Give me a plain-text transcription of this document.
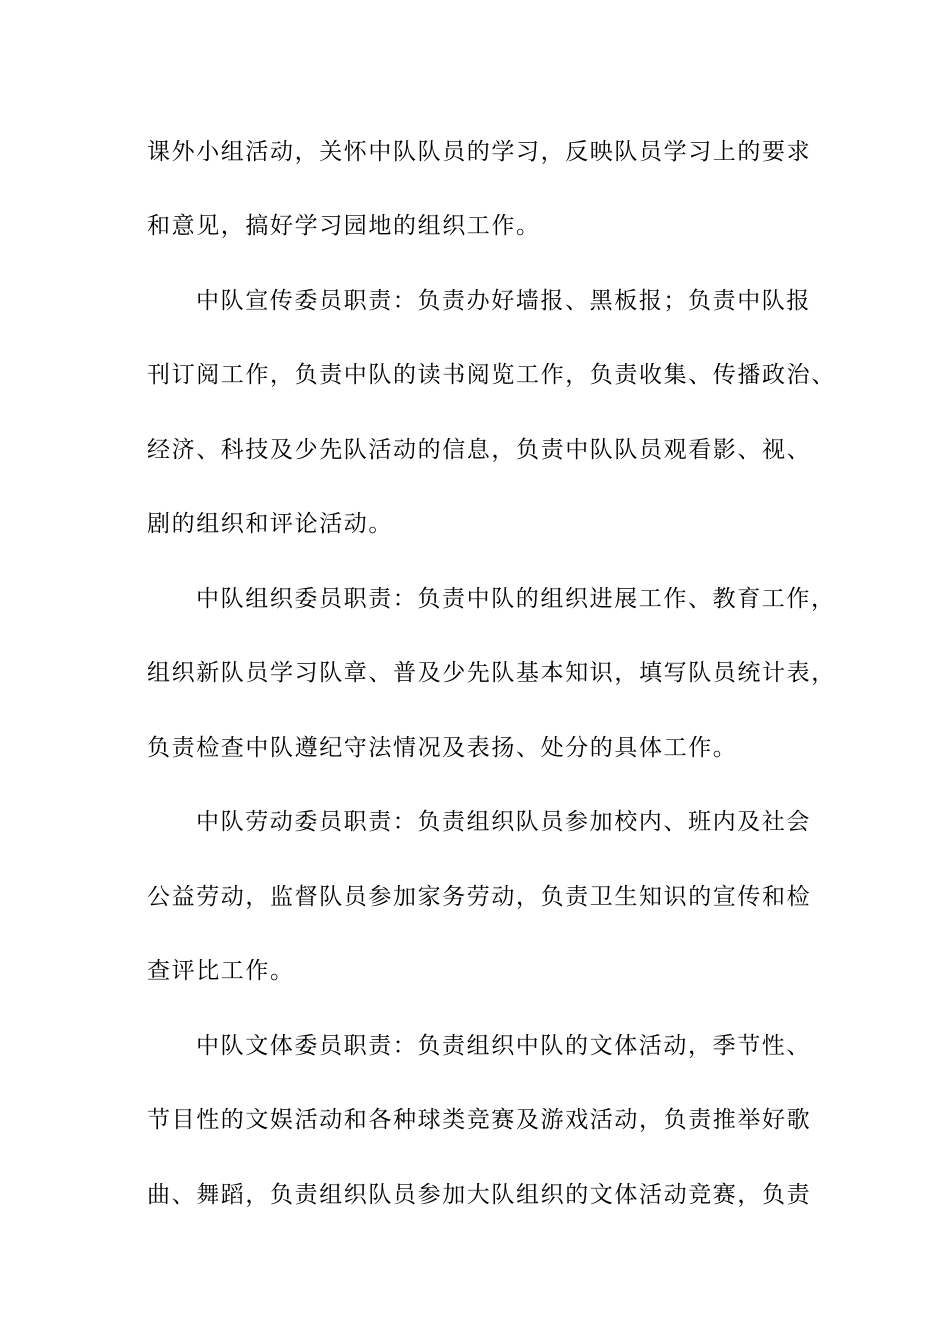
课外小组活动，关怀中队队员的学习，反映队员学习上的要求
和意见，搞好学习园地的组织工作。
中队宣传委员职责：负责办好墙报、黑板报；负责中队报
刊订阅工作，负责中队的读书阅览工作，负责收集、传播政治、
经济、科技及少先队活动的信息，负责中队队员观看影、视、
剧的组织和评论活动。
中队组织委员职责：负责中队的组织进展工作、教育工作，
组织新队员学习队章、普及少先队基本知识，填写队员统计表，
负责检查中队遵纪守法情况及表扬、处分的具体工作。
中队劳动委员职责：负责组织队员参加校内、班内及社会
公益劳动，监督队员参加家务劳动，负责卫生知识的宣传和检
查评比工作。
中队文体委员职责：负责组织中队的文体活动，季节性、
节目性的文娱活动和各种球类竞赛及游戏活动，负责推举好歌
曲、舞蹈，负责组织队员参加大队组织的文体活动竞赛，负责
